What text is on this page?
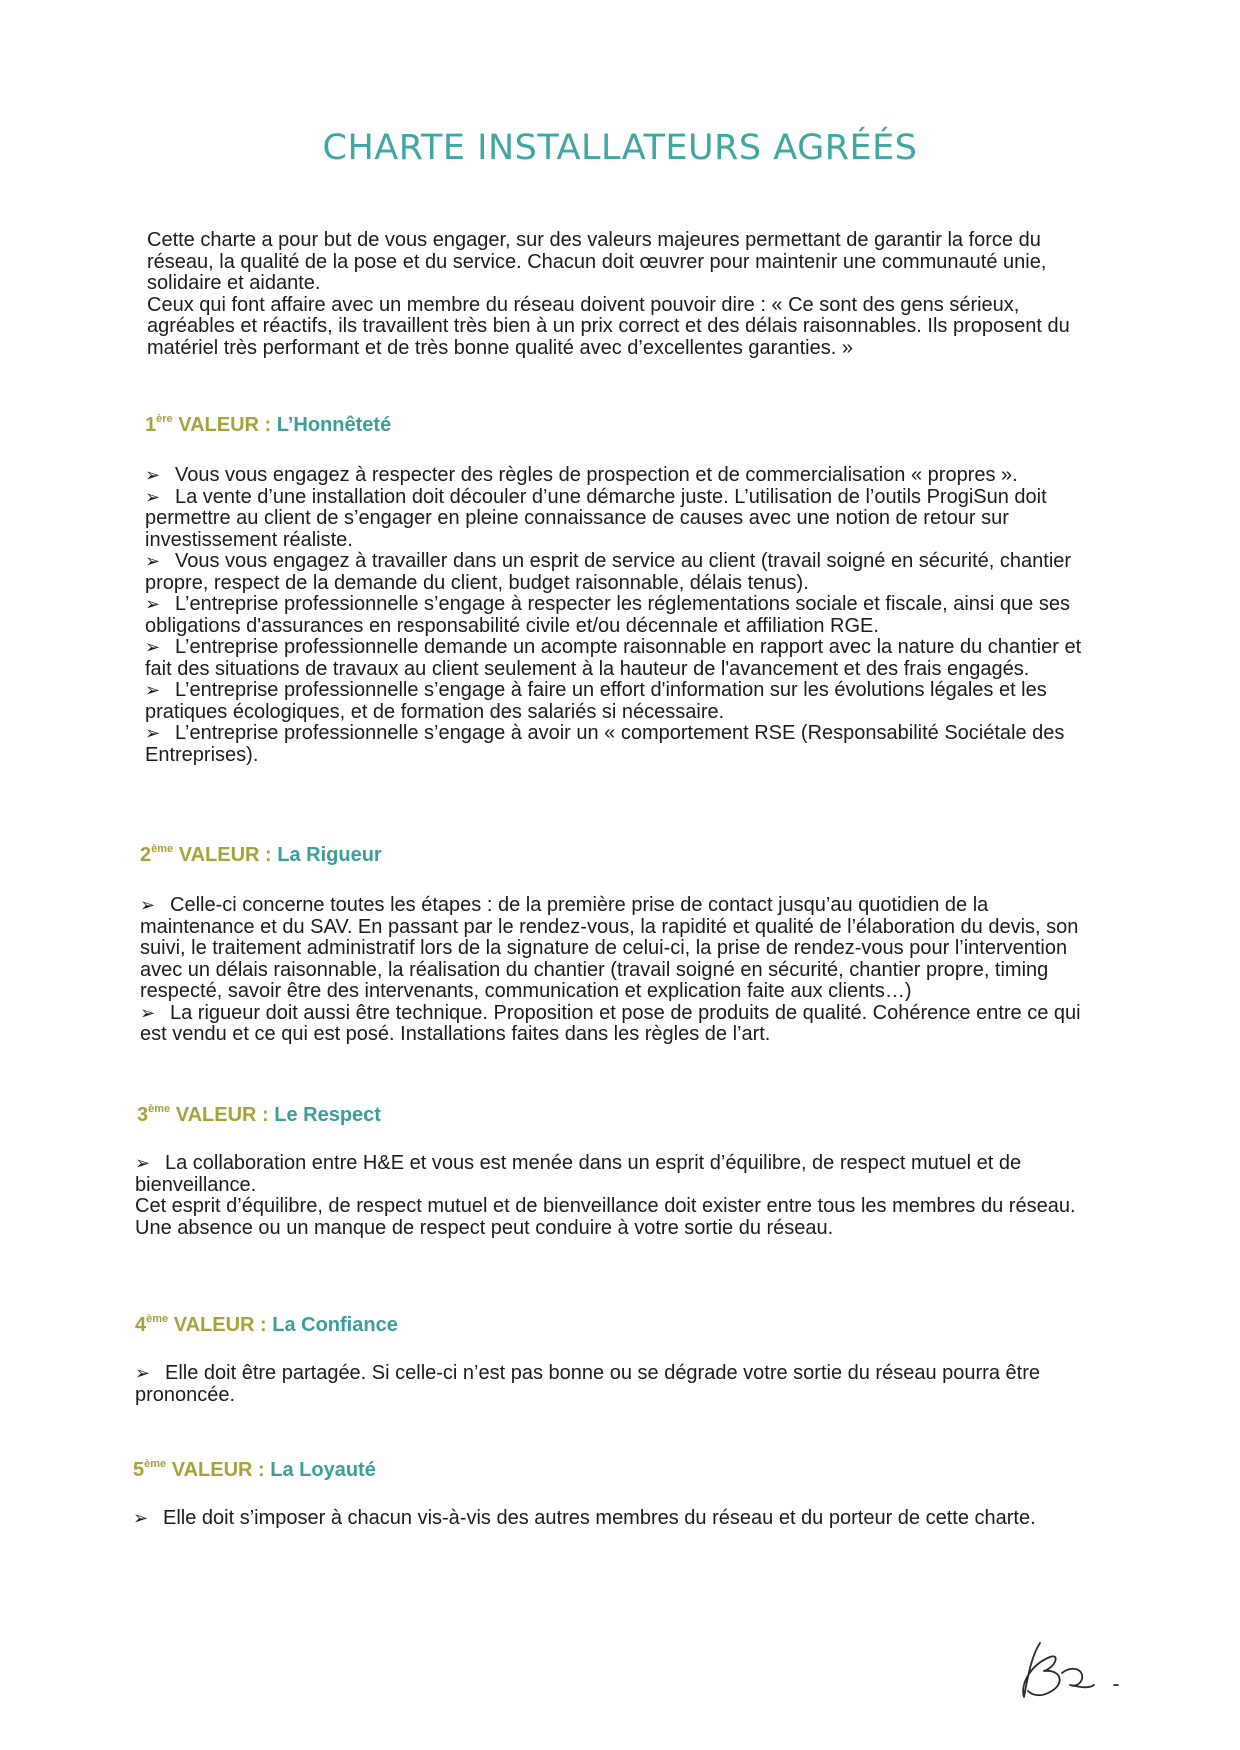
CHARTE INSTALLATEURS AGRÉÉS

Cette charte a pour but de vous engager, sur des valeurs majeures permettant de garantir la force du réseau, la qualité de la pose et du service. Chacun doit œuvrer pour maintenir une communauté unie, solidaire et aidante.

Ceux qui font affaire avec un membre du réseau doivent pouvoir dire : « Ce sont des gens sérieux, agréables et réactifs, ils travaillent très bien à un prix correct et des délais raisonnables. Ils proposent du matériel très performant et de très bonne qualité avec d’excellentes garanties. »

1ère VALEUR : L’Honnêteté

➢ Vous vous engagez à respecter des règles de prospection et de commercialisation « propres ».

➢ La vente d’une installation doit découler d’une démarche juste. L’utilisation de l’outils ProgiSun doit permettre au client de s’engager en pleine connaissance de causes avec une notion de retour sur investissement réaliste.

➢ Vous vous engagez à travailler dans un esprit de service au client (travail soigné en sécurité, chantier propre, respect de la demande du client, budget raisonnable, délais tenus).

➢ L’entreprise professionnelle s’engage à respecter les réglementations sociale et fiscale, ainsi que ses obligations d'assurances en responsabilité civile et/ou décennale et affiliation RGE.

➢ L’entreprise professionnelle demande un acompte raisonnable en rapport avec la nature du chantier et fait des situations de travaux au client seulement à la hauteur de l'avancement et des frais engagés.

➢ L’entreprise professionnelle s’engage à faire un effort d'information sur les évolutions légales et les pratiques écologiques, et de formation des salariés si nécessaire.

➢ L’entreprise professionnelle s’engage à avoir un « comportement RSE (Responsabilité Sociétale des Entreprises).

2ème VALEUR : La Rigueur

➢ Celle-ci concerne toutes les étapes : de la première prise de contact jusqu’au quotidien de la maintenance et du SAV. En passant par le rendez-vous, la rapidité et qualité de l’élaboration du devis, son suivi, le traitement administratif lors de la signature de celui-ci, la prise de rendez-vous pour l’intervention avec un délais raisonnable, la réalisation du chantier (travail soigné en sécurité, chantier propre, timing respecté, savoir être des intervenants, communication et explication faite aux clients…)

➢ La rigueur doit aussi être technique. Proposition et pose de produits de qualité. Cohérence entre ce qui est vendu et ce qui est posé. Installations faites dans les règles de l’art.

3ème VALEUR : Le Respect

➢ La collaboration entre H&E et vous est menée dans un esprit d’équilibre, de respect mutuel et de bienveillance.

Cet esprit d’équilibre, de respect mutuel et de bienveillance doit exister entre tous les membres du réseau.

Une absence ou un manque de respect peut conduire à votre sortie du réseau.

4ème VALEUR : La Confiance

➢ Elle doit être partagée. Si celle-ci n’est pas bonne ou se dégrade votre sortie du réseau pourra être prononcée.

5ème VALEUR : La Loyauté

➢ Elle doit s’imposer à chacun vis-à-vis des autres membres du réseau et du porteur de cette charte.
